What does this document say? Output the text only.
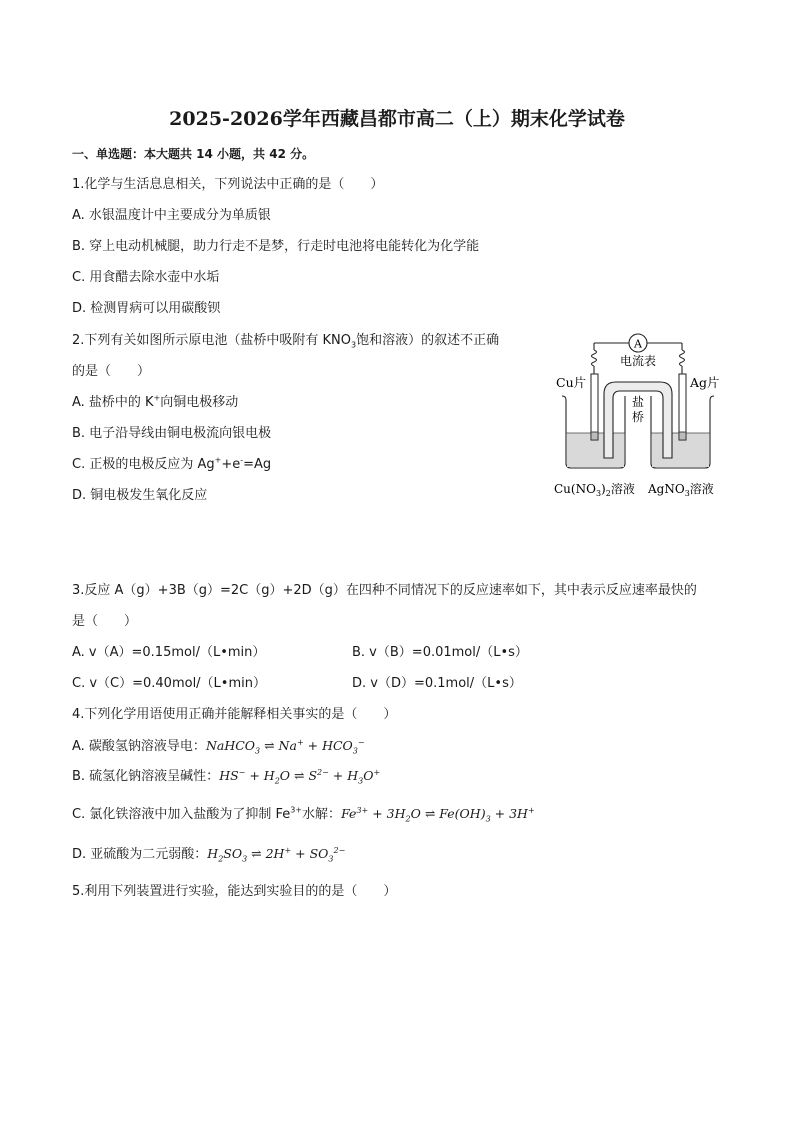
2025-2026学年西藏昌都市高二（上）期末化学试卷
一、单选题：本大题共 14 小题，共 42 分。
1.化学与生活息息相关，下列说法中正确的是（　　）
A. 水银温度计中主要成分为单质银
B. 穿上电动机械腿，助力行走不是梦，行走时电池将电能转化为化学能
C. 用食醋去除水壶中水垢
D. 检测胃病可以用碳酸钡
2.下列有关如图所示原电池（盐桥中吸附有 $KNO_3$饱和溶液）的叙述不正确
的是（　　）
A. 盐桥中的 K+向铜电极移动
B. 电子沿导线由铜电极流向银电极
C. 正极的电极反应为 Ag++e-=Ag
D. 铜电极发生氧化反应
A
电流表
盐
桥
Cu片	Ag片
$Cu(NO_3)_2$溶液 AgNO$_3$溶液
3.反应 A（g）+3B（g）=2C（g）+2D（g）在四种不同情况下的反应速率如下，其中表示反应速率最快的
是（　　）
A. v（A）=0.15mol/（L•min）	B. v（B）=0.01mol/（L•s）
C. v（C）=0.40mol/（L•min）	D. v（D）=0.1mol/（L•s）
4.下列化学用语使用正确并能解释相关事实的是（　　）
A. 碳酸氢钠溶液导电：NaHCO$_3$ ⇌ $Na^+ + HCO_3^-$
B. 硫氢化钠溶液呈碱性：$HS^- + H_2O$ ⇌ $S^{2-} + H_3O^+$
C. 氯化铁溶液中加入盐酸为了抑制 $Fe^{3+}$水解：$Fe^{3+} + 3H_2O$ ⇌ $Fe(OH)_3 + 3H^+$
D. 亚硫酸为二元弱酸：$H_2SO_3$ ⇌ $2H^+ + SO_3^{2-}$
5.利用下列装置进行实验，能达到实验目的的是（　　）
